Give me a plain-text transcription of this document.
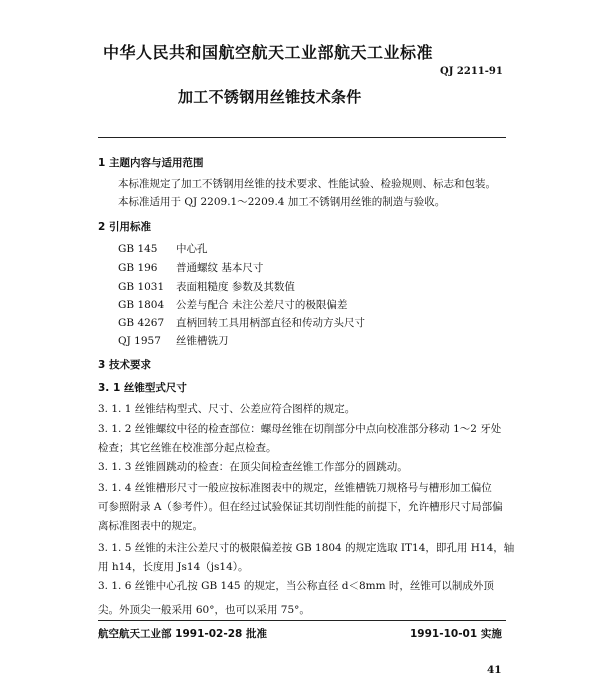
中华人民共和国航空航天工业部航天工业标准
QJ 2211-91
加工不锈钢用丝锥技术条件
1 主题内容与适用范围
本标准规定了加工不锈钢用丝锥的技术要求、性能试验、检验规则、标志和包装。
本标准适用于 QJ 2209.1～2209.4 加工不锈钢用丝锥的制造与验收。
2 引用标准
GB 145 中心孔
GB 196 普通螺纹 基本尺寸
GB 1031 表面粗糙度 参数及其数值
GB 1804 公差与配合 未注公差尺寸的极限偏差
GB 4267 直柄回转工具用柄部直径和传动方头尺寸
QJ 1957 丝锥槽铣刀
3 技术要求
3. 1 丝锥型式尺寸
3. 1. 1 丝锥结构型式、尺寸、公差应符合图样的规定。
3. 1. 2 丝锥螺纹中径的检查部位：螺母丝锥在切削部分中点向校准部分移动 1～2 牙处
检查；其它丝锥在校准部分起点检查。
3. 1. 3 丝锥圆跳动的检查：在顶尖间检查丝锥工作部分的圆跳动。
3. 1. 4 丝锥槽形尺寸一般应按标准图表中的规定，丝锥槽铣刀规格号与槽形加工偏位
可参照附录 A（参考件）。但在经过试验保证其切削性能的前提下，允许槽形尺寸局部偏
离标准图表中的规定。
3. 1. 5 丝锥的未注公差尺寸的极限偏差按 GB 1804 的规定选取 IT14，即孔用 H14，轴
用 h14，长度用 Js14（js14）。
3. 1. 6 丝锥中心孔按 GB 145 的规定，当公称直径 d＜8mm 时，丝锥可以制成外顶
尖。外顶尖一般采用 60°，也可以采用 75°。
航空航天工业部 1991-02-28 批准	1991-10-01 实施
41
